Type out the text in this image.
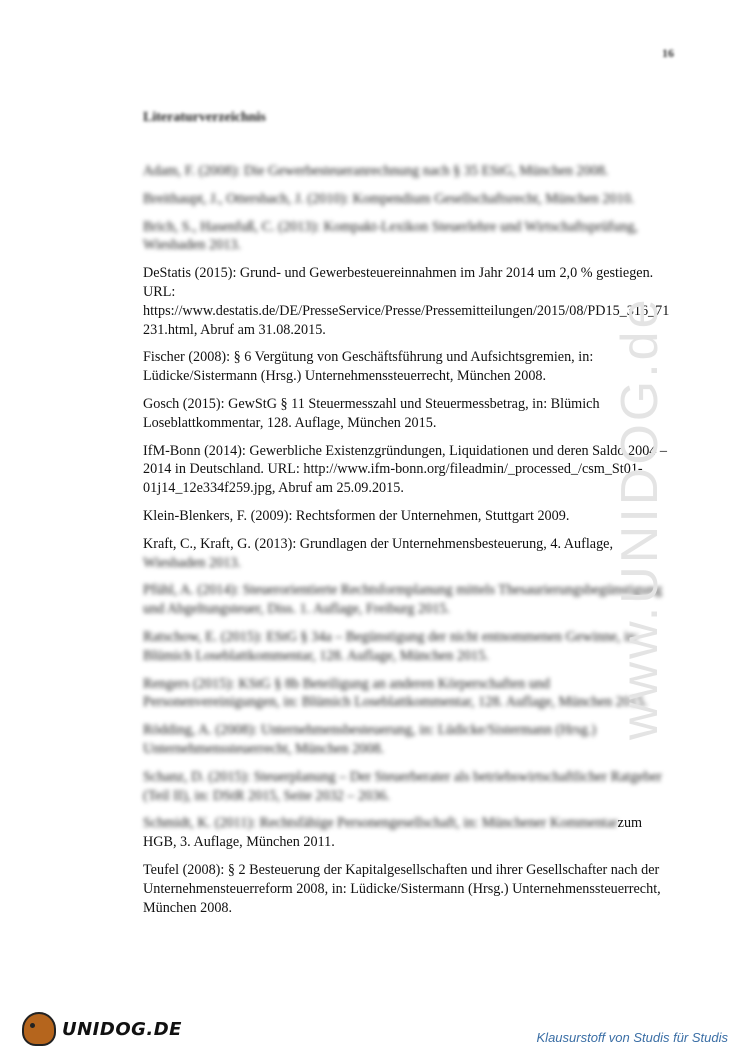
16
Literaturverzeichnis

Adam, F. (2008): Die Gewerbesteueranrechnung nach § 35 EStG, München 2008.

Breithaupt, J., Ottersbach, J. (2010): Kompendium Gesellschaftsrecht, München 2010.

Brich, S., Hasenfuß, C. (2013): Kompakt-Lexikon Steuerlehre und Wirtschaftsprüfung, Wiesbaden 2013.

DeStatis (2015): Grund- und Gewerbesteuereinnahmen im Jahr 2014 um 2,0 % gestiegen. URL: https://www.destatis.de/DE/PresseService/Presse/Pressemitteilungen/2015/08/PD15_316_71231.html, Abruf am 31.08.2015.

Fischer (2008): § 6 Vergütung von Geschäftsführung und Aufsichtsgremien, in: Lüdicke/Sistermann (Hrsg.) Unternehmenssteuerrecht, München 2008.

Gosch (2015): GewStG § 11 Steuermesszahl und Steuermessbetrag, in: Blümich Loseblattkommentar, 128. Auflage, München 2015.

IfM-Bonn (2014): Gewerbliche Existenzgründungen, Liquidationen und deren Saldo 2004 – 2014 in Deutschland. URL: http://www.ifm-bonn.org/fileadmin/_processed_/csm_St01-01j14_12e334f259.jpg, Abruf am 25.09.2015.

Klein-Blenkers, F. (2009): Rechtsformen der Unternehmen, Stuttgart 2009.

Kraft, C., Kraft, G. (2013): Grundlagen der Unternehmensbesteuerung, 4. Auflage,Wiesbaden 2013.

Pfühl, A. (2014): Steuerorientierte Rechtsformplanung mittels Thesaurierungsbegünstigung und Abgeltungsteuer, Diss. 1. Auflage, Freiburg 2015.

Ratschow, E. (2015): EStG § 34a – Begünstigung der nicht entnommenen Gewinne, in: Blümich Loseblattkommentar, 128. Auflage, München 2015.

Rengers (2015): KStG § 8b Beteiligung an anderen Körperschaften und Personenvereinigungen, in: Blümich Loseblattkommentar, 128. Auflage, München 2015.

Rödding, A. (2008): Unternehmensbesteuerung, in: Lüdicke/Sistermann (Hrsg.) Unternehmenssteuerrecht, München 2008.

Schanz, D. (2015): Steuerplanung – Der Steuerberater als betriebswirtschaftlicher Ratgeber (Teil II), in: DStR 2015, Seite 2032 – 2036.

Schmidt, K. (2011): Rechtsfähige Personengesellschaft, in: Münchener Kommentarzum HGB, 3. Auflage, München 2011.

Teufel (2008): § 2 Besteuerung der Kapitalgesellschaften und ihrer Gesellschafter nach der Unternehmensteuerreform 2008, in: Lüdicke/Sistermann (Hrsg.) Unternehmenssteuerrecht, München 2008.

www.UNIDOG.de
UNIDOG.DE	Klausurstoff von Studis für Studis
